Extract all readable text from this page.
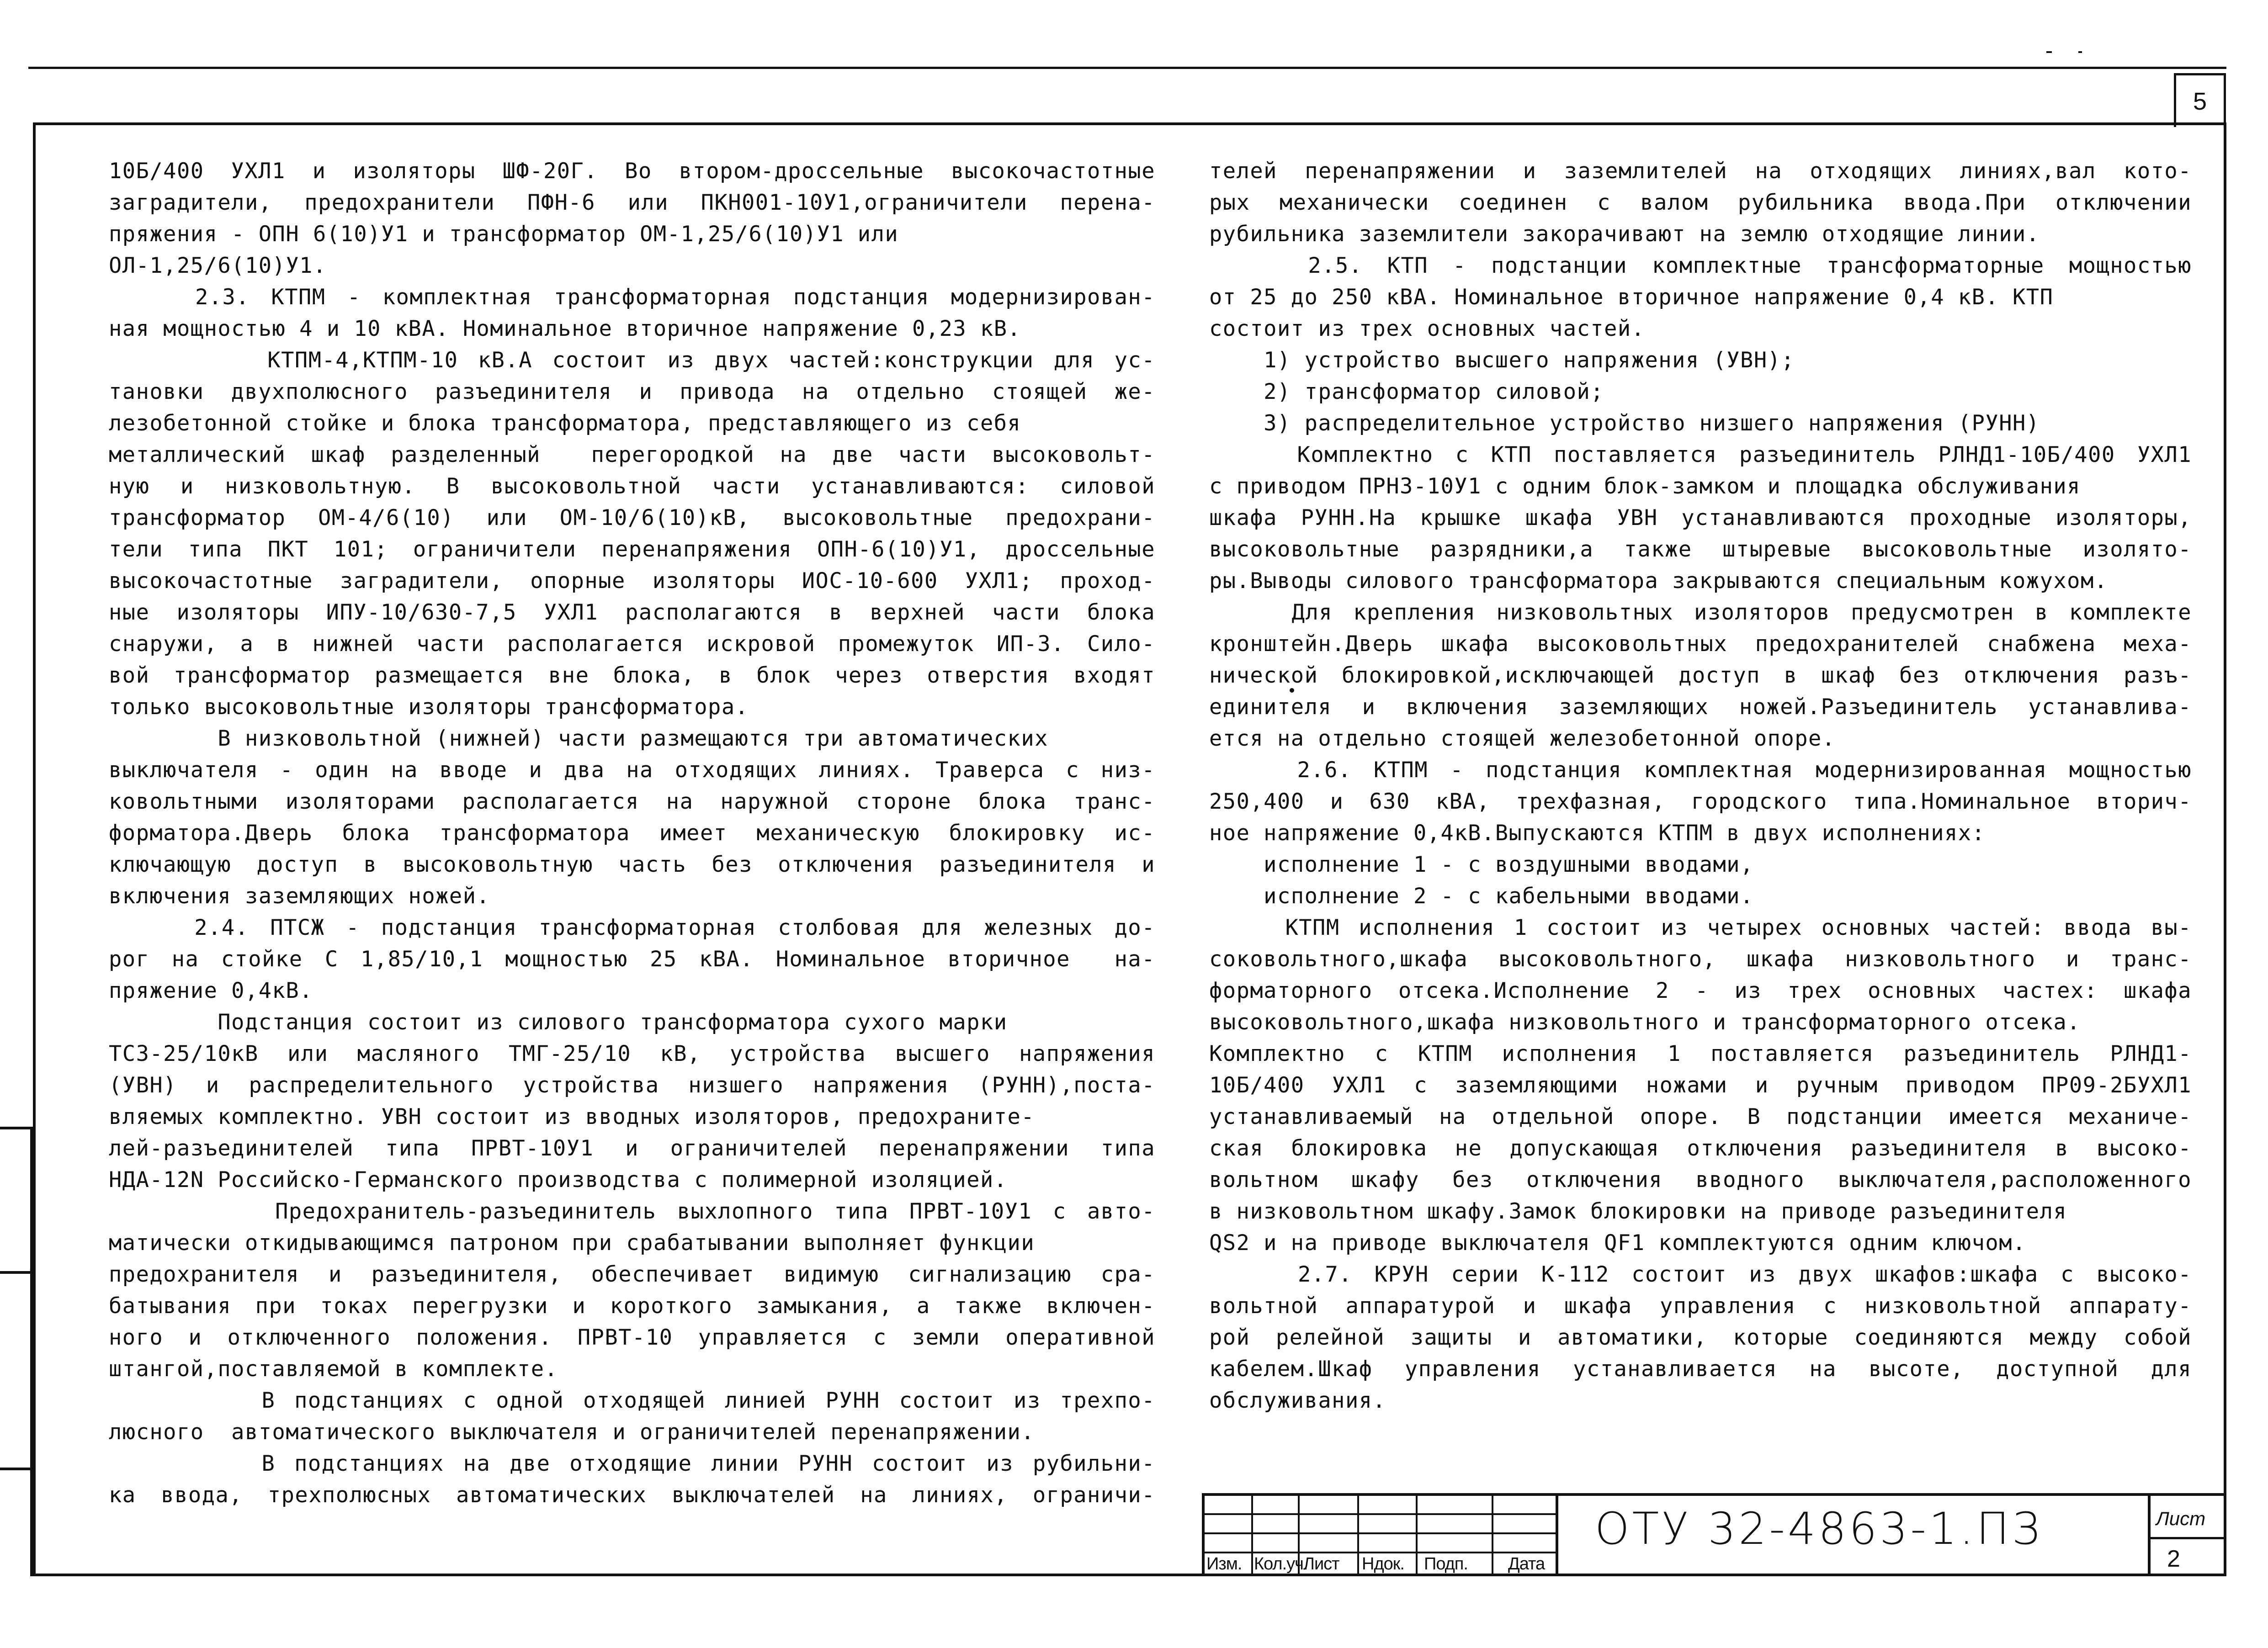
5
10Б/400 УХЛ1 и изоляторы ШФ-20Г. Во втором-дроссельные высокочастотные
заградители, предохранители ПФН-6 или ПКН001-10У1,ограничители перена-
пряжения - ОПН 6(10)У1 и трансформатор ОМ-1,25/6(10)У1 или
ОЛ-1,25/6(10)У1.
2.3. КТПМ - комплектная трансформаторная подстанция модернизирован-
ная мощностью 4 и 10 кВА. Номинальное вторичное напряжение 0,23 кВ.
КТПМ-4,КТПМ-10 кВ.А состоит из двух частей:конструкции для ус-
тановки двухполюсного разъединителя и привода на отдельно стоящей же-
лезобетонной стойке и блока трансформатора, представляющего из себя
металлический шкаф разделенный  перегородкой на две части высоковольт-
ную и низковольтную. В высоковольтной части устанавливаются: силовой
трансформатор ОМ-4/6(10) или ОМ-10/6(10)кВ, высоковольтные предохрани-
тели типа ПКТ 101; ограничители перенапряжения ОПН-6(10)У1, дроссельные
высокочастотные заградители, опорные изоляторы ИОС-10-600 УХЛ1; проход-
ные изоляторы ИПУ-10/630-7,5 УХЛ1 располагаются в верхней части блока
снаружи, а в нижней части располагается искровой промежуток ИП-3. Сило-
вой трансформатор размещается вне блока, в блок через отверстия входят
только высоковольтные изоляторы трансформатора.
В низковольтной (нижней) части размещаются три автоматических
выключателя - один на вводе и два на отходящих линиях. Траверса с низ-
ковольтными изоляторами располагается на наружной стороне блока транс-
форматора.Дверь блока трансформатора имеет механическую блокировку ис-
ключающую доступ в высоковольтную часть без отключения разъединителя и
включения заземляющих ножей.
2.4. ПТСЖ - подстанция трансформаторная столбовая для железных до-
рог на стойке С 1,85/10,1 мощностью 25 кВА. Номинальное вторичное  на-
пряжение 0,4кВ.
Подстанция состоит из силового трансформатора сухого марки
ТСЗ-25/10кВ или масляного ТМГ-25/10 кВ, устройства высшего напряжения
(УВН) и распределительного устройства низшего напряжения (РУНН),поста-
вляемых комплектно. УВН состоит из вводных изоляторов, предохраните-
лей-разъединителей типа ПРВТ-10У1 и ограничителей перенапряжении типа
НДА-12N Российско-Германского производства с полимерной изоляцией.
Предохранитель-разъединитель выхлопного типа ПРВТ-10У1 с авто-
матически откидывающимся патроном при срабатывании выполняет функции
предохранителя и разъединителя, обеспечивает видимую сигнализацию сра-
батывания при токах перегрузки и короткого замыкания, а также включен-
ного и отключенного положения. ПРВТ-10 управляется с земли оперативной
штангой,поставляемой в комплекте.
В подстанциях с одной отходящей линией РУНН состоит из трехпо-
люсного  автоматического выключателя и ограничителей перенапряжении.
В подстанциях на две отходящие линии РУНН состоит из рубильни-
ка ввода, трехполюсных автоматических выключателей на линиях, ограничи-
телей перенапряжении и заземлителей на отходящих линиях,вал кото-
рых механически соединен с валом рубильника ввода.При отключении
рубильника заземлители закорачивают на землю отходящие линии.
2.5. КТП - подстанции комплектные трансформаторные мощностью
от 25 до 250 кВА. Номинальное вторичное напряжение 0,4 кВ. КТП
состоит из трех основных частей.
1) устройство высшего напряжения (УВН);
2) трансформатор силовой;
3) распределительное устройство низшего напряжения (РУНН)
Комплектно с КТП поставляется разъединитель РЛНД1-10Б/400 УХЛ1
с приводом ПРНЗ-10У1 с одним блок-замком и площадка обслуживания
шкафа РУНН.На крышке шкафа УВН устанавливаются проходные изоляторы,
высоковольтные разрядники,а также штыревые высоковольтные изолято-
ры.Выводы силового трансформатора закрываются специальным кожухом.
Для крепления низковольтных изоляторов предусмотрен в комплекте
кронштейн.Дверь шкафа высоковольтных предохранителей снабжена меха-
нической блокировкой,исключающей доступ в шкаф без отключения разъ-
единителя и включения заземляющих ножей.Разъединитель устанавлива-
ется на отдельно стоящей железобетонной опоре.
2.6. КТПМ - подстанция комплектная модернизированная мощностью
250,400 и 630 кВА, трехфазная, городского типа.Номинальное вторич-
ное напряжение 0,4кВ.Выпускаются КТПМ в двух исполнениях:
исполнение 1 - с воздушными вводами,
исполнение 2 - с кабельными вводами.
КТПМ исполнения 1 состоит из четырех основных частей: ввода вы-
соковольтного,шкафа высоковольтного, шкафа низковольтного и транс-
форматорного отсека.Исполнение 2 - из трех основных частех: шкафа
высоковольтного,шкафа низковольтного и трансформаторного отсека.
Комплектно с КТПМ исполнения 1 поставляется разъединитель РЛНД1-
10Б/400 УХЛ1 с заземляющими ножами и ручным приводом ПР09-2БУХЛ1
устанавливаемый на отдельной опоре. В подстанции имеется механиче-
ская блокировка не допускающая отключения разъединителя в высоко-
вольтном шкафу без отключения вводного выключателя,расположенного
в низковольтном шкафу.Замок блокировки на приводе разъединителя
QS2 и на приводе выключателя QF1 комплектуются одним ключом.
2.7. КРУН серии К-112 состоит из двух шкафов:шкафа с высоко-
вольтной аппаратурой и шкафа управления с низковольтной аппарату-
рой релейной защиты и автоматики, которые соединяются между собой
кабелем.Шкаф управления устанавливается на высоте, доступной для
обслуживания.
Изм. Кол.уч.
Лист Ндок. Подп. Дата
ОТУ 32-4863-1.ПЗ	Лист
2
